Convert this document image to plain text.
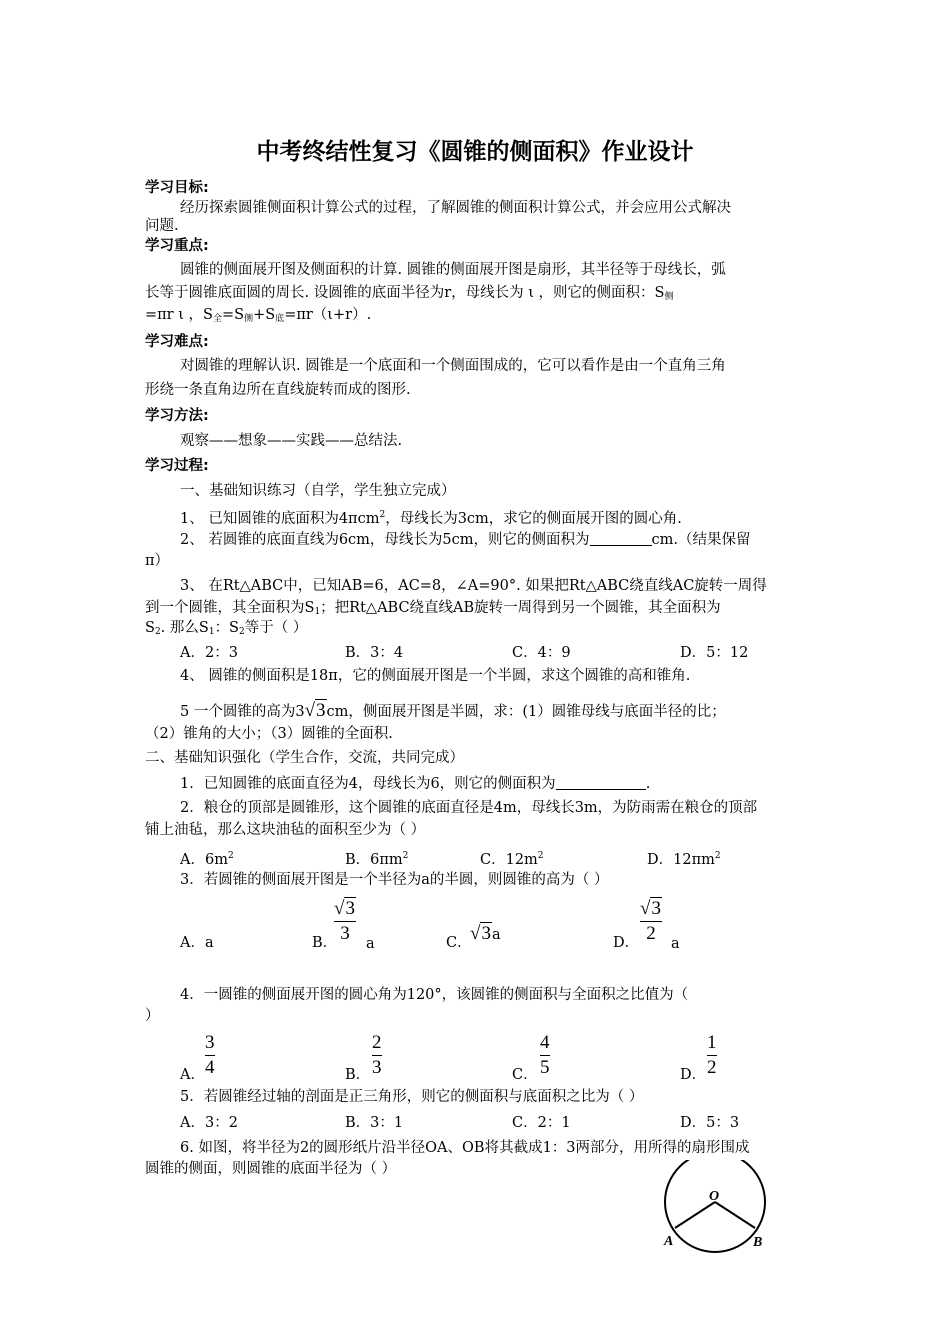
中考终结性复习《圆锥的侧面积》作业设计
学习目标:
经历探索圆锥侧面积计算公式的过程，了解圆锥的侧面积计算公式，并会应用公式解决
问题.
学习重点:
圆锥的侧面展开图及侧面积的计算. 圆锥的侧面展开图是扇形，其半径等于母线长，弧
长等于圆锥底面圆的周长. 设圆锥的底面半径为r，母线长为 ι ，则它的侧面积：$S_侧$
=πr ι ，$S_全=S_侧+S_底=\pi r(\iota+r)$.
学习难点:
对圆锥的理解认识. 圆锥是一个底面和一个侧面围成的，它可以看作是由一个直角三角
形绕一条直角边所在直线旋转而成的图形.
学习方法:
观察——想象——实践——总结法.
学习过程:
一、基础知识练习（自学，学生独立完成）
1、 已知圆锥的底面积为4πcm$^2$，母线长为3cm，求它的侧面展开图的圆心角.
2、 若圆锥的底面直线为6cm，母线长为5cm，则它的侧面积为	cm.（结果保留
π）
3、 在Rt△ABC中，已知AB=6，AC=8，∠A=90°. 如果把Rt△ABC绕直线AC旋转一周得
到一个圆锥，其全面积为$S_1$；把Rt△ABC绕直线AB旋转一周得到另一个圆锥，其全面积为
$S_2$. 那么$S_1$：$S_2$等于（ ）
A．2：3	B．3：4	C．4：9	D．5：12
4、 圆锥的侧面积是18π，它的侧面展开图是一个半圆，求这个圆锥的高和锥角.
5 一个圆锥的高为3√3cm，侧面展开图是半圆，求：(1）圆锥母线与底面半径的比；
（2）锥角的大小；（3）圆锥的全面积.
二、基础知识强化（学生合作，交流，共同完成）
1．已知圆锥的底面直径为4，母线长为6，则它的侧面积为	.
2．粮仓的顶部是圆锥形，这个圆锥的底面直径是4m，母线长3m，为防雨需在粮仓的顶部
铺上油毡，那么这块油毡的面积至少为（ ）
A．$6m^2$	B．$6\pi m^2$	C．$12m^2$	D．$12\pi m^2$
3．若圆锥的侧面展开图是一个半径为a的半圆，则圆锥的高为（ ）
A．a	B．
√3
3 a	C．
√3a	D．
√3
2 a
4．一圆锥的侧面展开图的圆心角为120°，该圆锥的侧面积与全面积之比值为（
）
A．
3
4	B．
2
3	C．
4
5	D．
1
2
5．若圆锥经过轴的剖面是正三角形，则它的侧面积与底面积之比为（ ）
A．3：2	B．3：1	C．2：1	D．5：3
6. 如图，将半径为2的圆形纸片沿半径OA、OB将其截成1：3两部分，用所得的扇形围成
圆锥的侧面，则圆锥的底面半径为（ ）
O
A	B
